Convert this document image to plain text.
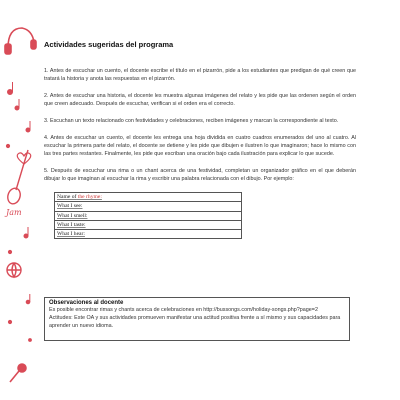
Jam
Actividades sugeridas del programa

1. Antes de escuchar un cuento, el docente escribe el título en el pizarrón, pide a los estudiantes que predigan de qué creen que tratará la historia y anota las respuestas en el pizarrón.

2. Antes de escuchar una historia, el docente les muestra algunas imágenes del relato y les pide que las ordenen según el orden que creen adecuado. Después de escuchar, verifican si el orden era el correcto.

3. Escuchan un texto relacionado con festividades y celebraciones, reciben imágenes y marcan la correspondiente al texto.

4. Antes de escuchar un cuento, el docente les entrega una hoja dividida en cuatro cuadros enumerados del uno al cuatro. Al escuchar la primera parte del relato, el docente se detiene y les pide que dibujen e ilustren lo que imaginaron; hace lo mismo con las tres partes restantes. Finalmente, les pide que escriban una oración bajo cada ilustración para explicar lo que sucede.

5. Después de escuchar una rima o un chant acerca de una festividad, completan un organizador gráfico en el que deberán dibujar lo que imaginan al escuchar la rima y escribir una palabra relacionada con el dibujo. Por ejemplo:

Name of the rhyme:
What I see:
What I smell:
What I taste:
What I hear:
Observaciones al docente

Es posible encontrar rimas y chants acerca de celebraciones en http://bussongs.com/holiday-songs.php?page=2

Actitudes: Este OA y sus actividades promueven manifestar una actitud positiva frente a sí mismo y sus capacidades para aprender un nuevo idioma.
